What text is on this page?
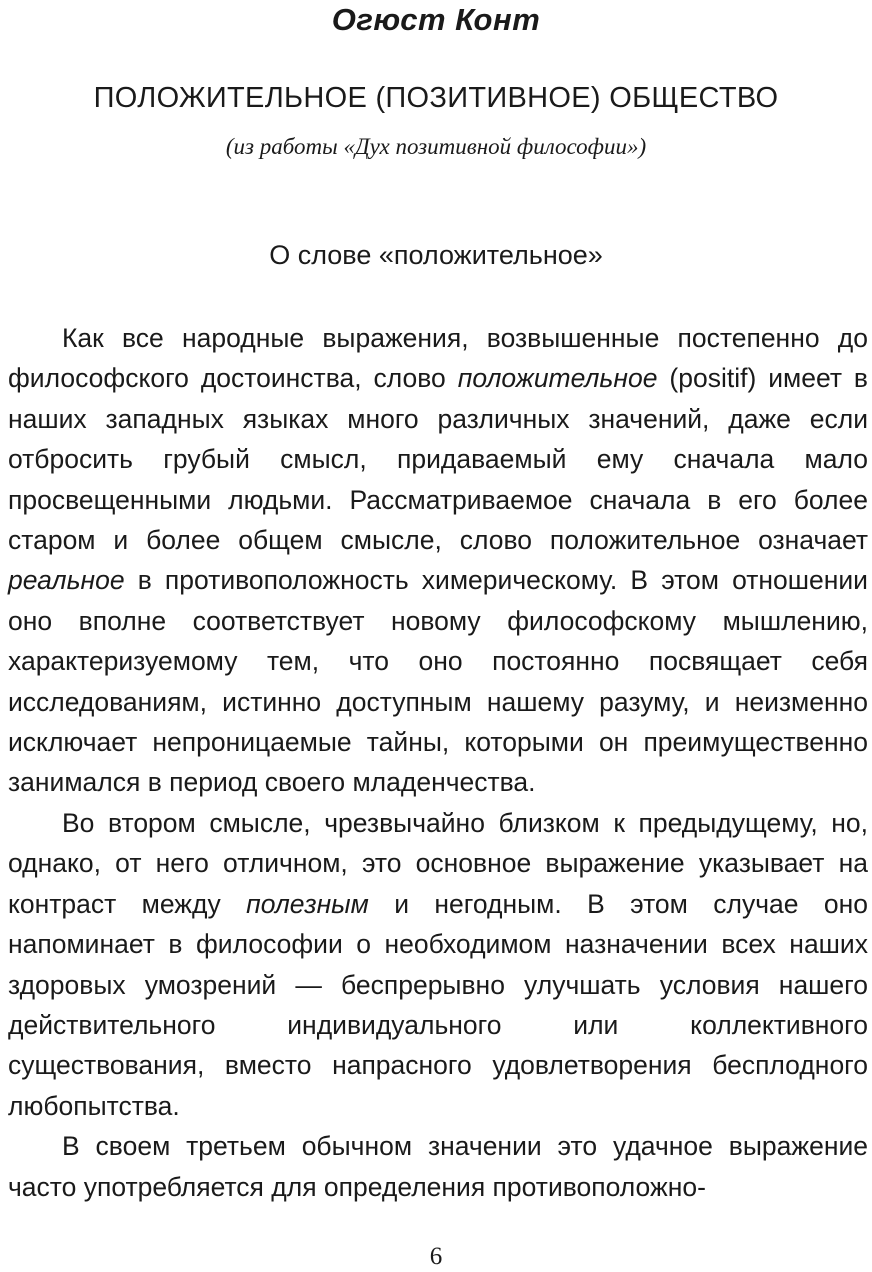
Огюст Конт
ПОЛОЖИТЕЛЬНОЕ (ПОЗИТИВНОЕ) ОБЩЕСТВО
(из работы «Дух позитивной философии»)
О слове «положительное»

Как все народные выражения, возвышенные постепенно до философского достоинства, слово положительное (positif) имеет в наших западных языках много различных значений, даже если отбросить грубый смысл, придаваемый ему сначала мало просвещенными людьми. Рассматриваемое сначала в его более старом и более общем смысле, слово положительное означает реальное в противоположность химерическому. В этом отношении оно вполне соответствует новому философскому мышлению, характеризуемому тем, что оно постоянно посвящает себя исследованиям, истинно доступным нашему разуму, и неизменно исключает непроницаемые тайны, которыми он преимущественно занимался в период своего младенчества.

Во втором смысле, чрезвычайно близком к предыдущему, но, однако, от него отличном, это основное выражение указывает на контраст между полезным и негодным. В этом случае оно напоминает в философии о необходимом назначении всех наших здоровых умозрений — беспрерывно улучшать условия нашего действительного индивидуального или коллективного существования, вместо напрасного удовлетворения бесплодного любопытства.

В своем третьем обычном значении это удачное выражение часто употребляется для определения противоположно-

6
